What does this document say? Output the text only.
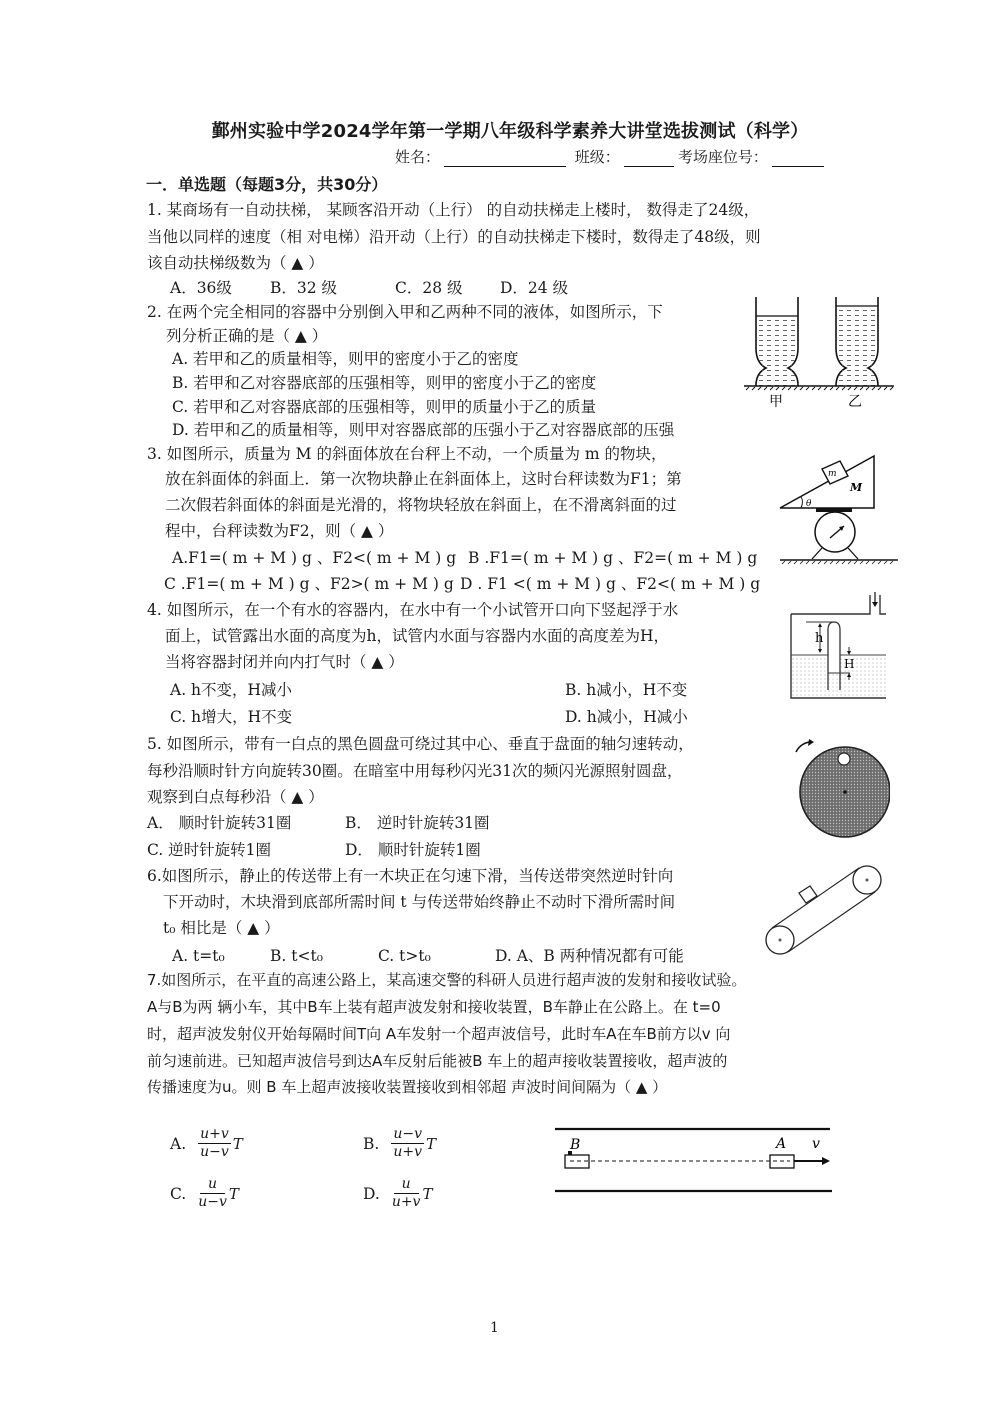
鄞州实验中学2024学年第一学期八年级科学素养大讲堂选拔测试（科学）
姓名：	班级：	考场座位号：
一．单选题（每题3分，共30分）
1. 某商场有一自动扶梯， 某顾客沿开动（上行） 的自动扶梯走上楼时， 数得走了24级，
当他以同样的速度（相 对电梯）沿开动（上行）的自动扶梯走下楼时，数得走了48级，则
该自动扶梯级数为（ ▲ ）
A．36级 B．32 级	C．28 级 D．24 级
2. 在两个完全相同的容器中分别倒入甲和乙两种不同的液体，如图所示，下
列分析正确的是（ ▲ ）
A. 若甲和乙的质量相等，则甲的密度小于乙的密度
B. 若甲和乙对容器底部的压强相等，则甲的密度小于乙的密度
C. 若甲和乙对容器底部的压强相等，则甲的质量小于乙的质量
D. 若甲和乙的质量相等，则甲对容器底部的压强小于乙对容器底部的压强
甲	乙
3. 如图所示，质量为 M 的斜面体放在台秤上不动，一个质量为 m 的物块，
放在斜面体的斜面上．第一次物块静止在斜面体上，这时台秤读数为F1；第
二次假若斜面体的斜面是光滑的，将物块轻放在斜面上，在不滑离斜面的过
程中，台秤读数为F2，则（ ▲ ）
A.F1=( m + M ) g 、F2<( m + M ) g B .F1=( m + M ) g 、F2=( m + M ) g
C .F1=( m + M ) g 、F2>( m + M ) g D . F1 <( m + M ) g 、F2<( m + M ) g
m
M
θ
4. 如图所示，在一个有水的容器内，在水中有一个小试管开口向下竖起浮于水
面上，试管露出水面的高度为h，试管内水面与容器内水面的高度差为H，
当将容器封闭并向内打气时（ ▲ ）
A. h不变，H减小	B. h减小，H不变
C. h增大，H不变	D. h减小，H减小
h
H
5. 如图所示，带有一白点的黑色圆盘可绕过其中心、垂直于盘面的轴匀速转动，
每秒沿顺时针方向旋转30圈。在暗室中用每秒闪光31次的频闪光源照射圆盘，
观察到白点每秒沿（ ▲ ）
A． 顺时针旋转31圈	B． 逆时针旋转31圈
C. 逆时针旋转1圈	D． 顺时针旋转1圈
6.如图所示，静止的传送带上有一木块正在匀速下滑，当传送带突然逆时针向
下开动时，木块滑到底部所需时间 t 与传送带始终静止不动时下滑所需时间
t₀ 相比是（ ▲ ）
A. t=t₀	B. t<t₀	C. t>t₀	D. A、B 两种情况都有可能
7.如图所示，在平直的高速公路上，某高速交警的科研人员进行超声波的发射和接收试验。
A与B为两 辆小车，其中B车上装有超声波发射和接收装置，B车静止在公路上。在 t=0
时，超声波发射仪开始每隔时间T向 A车发射一个超声波信号，此时车A在车B前方以v 向
前匀速前进。已知超声波信号到达A车反射后能被B 车上的超声接收装置接收，超声波的
传播速度为u。则 B 车上超声波接收装置接收到相邻超 声波时间间隔为（ ▲ ）
A. $\frac{u+v}{u-v}$ T	B. $\frac{u-v}{u+v}$ T
C. $\frac{u}{u-v}$ T	D. $\frac{u}{u+v}$ T
B	A v
1
